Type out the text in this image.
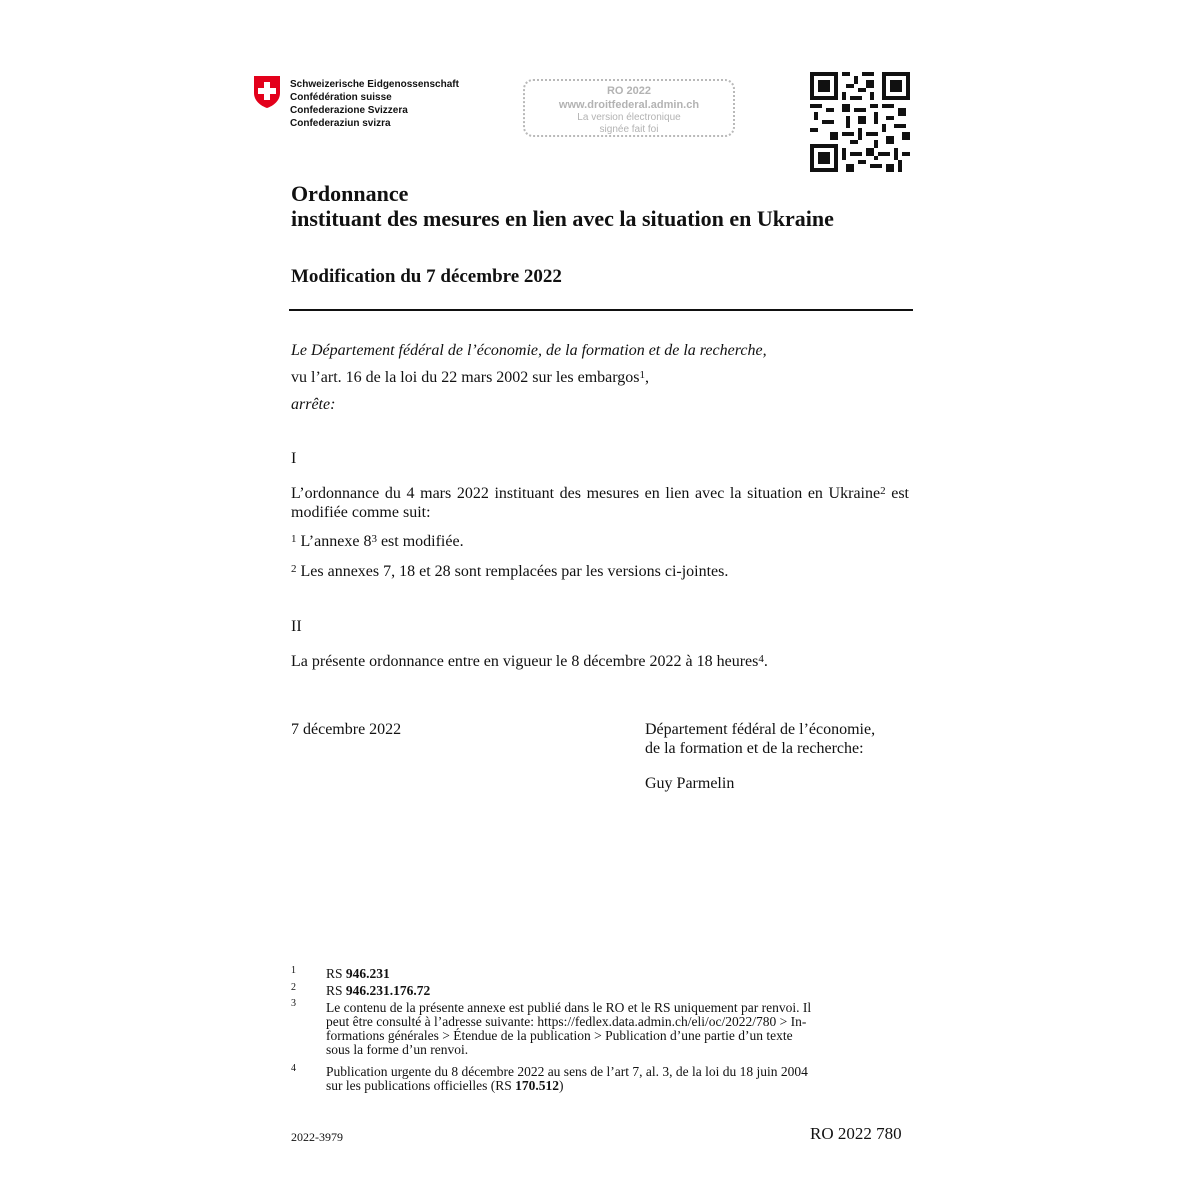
Schweizerische Eidgenossenschaft
Confédération suisse
Confederazione Svizzera
Confederaziun svizra
RO 2022
www.droitfederal.admin.ch
La version électronique
signée fait foi
Ordonnance
instituant des mesures en lien avec la situation en Ukraine
Modification du 7 décembre 2022
Le Département fédéral de l’économie, de la formation et de la recherche,
vu l’art. 16 de la loi du 22 mars 2002 sur les embargos$^1$,
arrête:
I
L’ordonnance du 4 mars 2022 instituant des mesures en lien avec la situation en Ukraine$^2$ est modifiée comme suit:
$^1$ L’annexe $8^3$ est modifiée.
$^2$ Les annexes 7, 18 et 28 sont remplacées par les versions ci-jointes.
II
La présente ordonnance entre en vigueur le 8 décembre 2022 à 18 heures$^4$.
7 décembre 2022	Département fédéral de l’économie,
de la formation et de la recherche:
Guy Parmelin
1 RS 946.231
2 RS 946.231.176.72
3 Le contenu de la présente annexe est publié dans le RO et le RS uniquement par renvoi. Il
peut être consulté à l’adresse suivante: https://fedlex.data.admin.ch/eli/oc/2022/780 > In-
formations générales > Étendue de la publication > Publication d’une partie d’un texte
sous la forme d’un renvoi.
4 Publication urgente du 8 décembre 2022 au sens de l’art 7, al. 3, de la loi du 18 juin 2004
sur les publications officielles (RS 170.512)
2022-3979	RO 2022 780
